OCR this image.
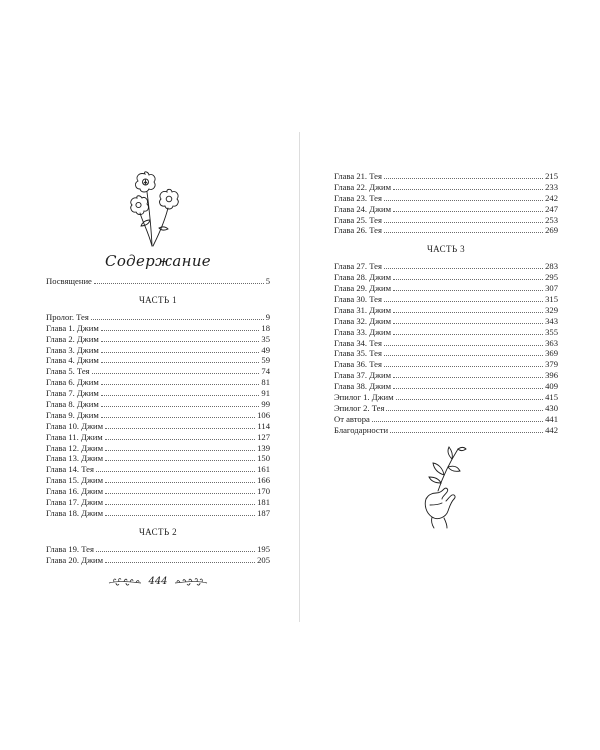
Содержание
Посвящение	5
ЧАСТЬ 1
Пролог. Тея	9
Глава 1. Джим	18
Глава 2. Джим	35
Глава 3. Джим	49
Глава 4. Джим	59
Глава 5. Тея	74
Глава 6. Джим	81
Глава 7. Джим	91
Глава 8. Джим	99
Глава 9. Джим	106
Глава 10. Джим	114
Глава 11. Джим	127
Глава 12. Джим	139
Глава 13. Джим	150
Глава 14. Тея	161
Глава 15. Джим	166
Глава 16. Джим	170
Глава 17. Джим	181
Глава 18. Джим	187
ЧАСТЬ 2
Глава 19. Тея	195
Глава 20. Джим	205
444
Глава 21. Тея	215
Глава 22. Джим	233
Глава 23. Тея	242
Глава 24. Джим	247
Глава 25. Тея	253
Глава 26. Тея	269
ЧАСТЬ 3
Глава 27. Тея	283
Глава 28. Джим	295
Глава 29. Джим	307
Глава 30. Тея	315
Глава 31. Джим	329
Глава 32. Джим	343
Глава 33. Джим	355
Глава 34. Тея	363
Глава 35. Тея	369
Глава 36. Тея	379
Глава 37. Джим	396
Глава 38. Джим	409
Эпилог 1. Джим	415
Эпилог 2. Тея	430
От автора	441
Благодарности	442
